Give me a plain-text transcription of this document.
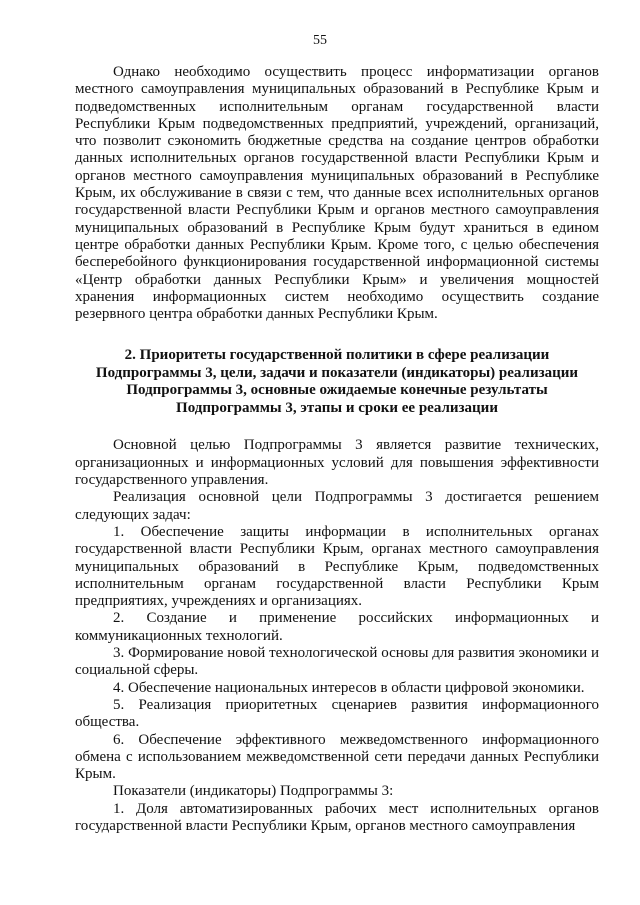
55

Однако необходимо осуществить процесс информатизации органов местного самоуправления муниципальных образований в Республике Крым и подведомственных исполнительным органам государственной власти Республики Крым подведомственных предприятий, учреждений, организаций, что позволит сэкономить бюджетные средства на создание центров обработки данных исполнительных органов государственной власти Республики Крым и органов местного самоуправления муниципальных образований в Республике Крым, их обслуживание в связи с тем, что данные всех исполнительных органов государственной власти Республики Крым и органов местного самоуправления муниципальных образований в Республике Крым будут храниться в едином центре обработки данных Республики Крым. Кроме того, с целью обеспечения бесперебойного функционирования государственной информационной системы «Центр обработки данных Республики Крым» и увеличения мощностей хранения информационных систем необходимо осуществить создание резервного центра обработки данных Республики Крым.

2. Приоритеты государственной политики в сфере реализации
Подпрограммы 3, цели, задачи и показатели (индикаторы) реализации
Подпрограммы 3, основные ожидаемые конечные результаты
Подпрограммы 3, этапы и сроки ее реализации

Основной целью Подпрограммы 3 является развитие технических, организационных и информационных условий для повышения эффективности государственного управления.

Реализация основной цели Подпрограммы 3 достигается решением следующих задач:

1. Обеспечение защиты информации в исполнительных органах государственной власти Республики Крым, органах местного самоуправления муниципальных образований в Республике Крым, подведомственных исполнительным органам государственной власти Республики Крым предприятиях, учреждениях и организациях.

2. Создание и применение российских информационных и коммуникационных технологий.

3. Формирование новой технологической основы для развития экономики и социальной сферы.

4. Обеспечение национальных интересов в области цифровой экономики.

5. Реализация приоритетных сценариев развития информационного общества.

6. Обеспечение эффективного межведомственного информационного обмена с использованием межведомственной сети передачи данных Республики Крым.

Показатели (индикаторы) Подпрограммы 3:

1. Доля автоматизированных рабочих мест исполнительных органов государственной власти Республики Крым, органов местного самоуправления
